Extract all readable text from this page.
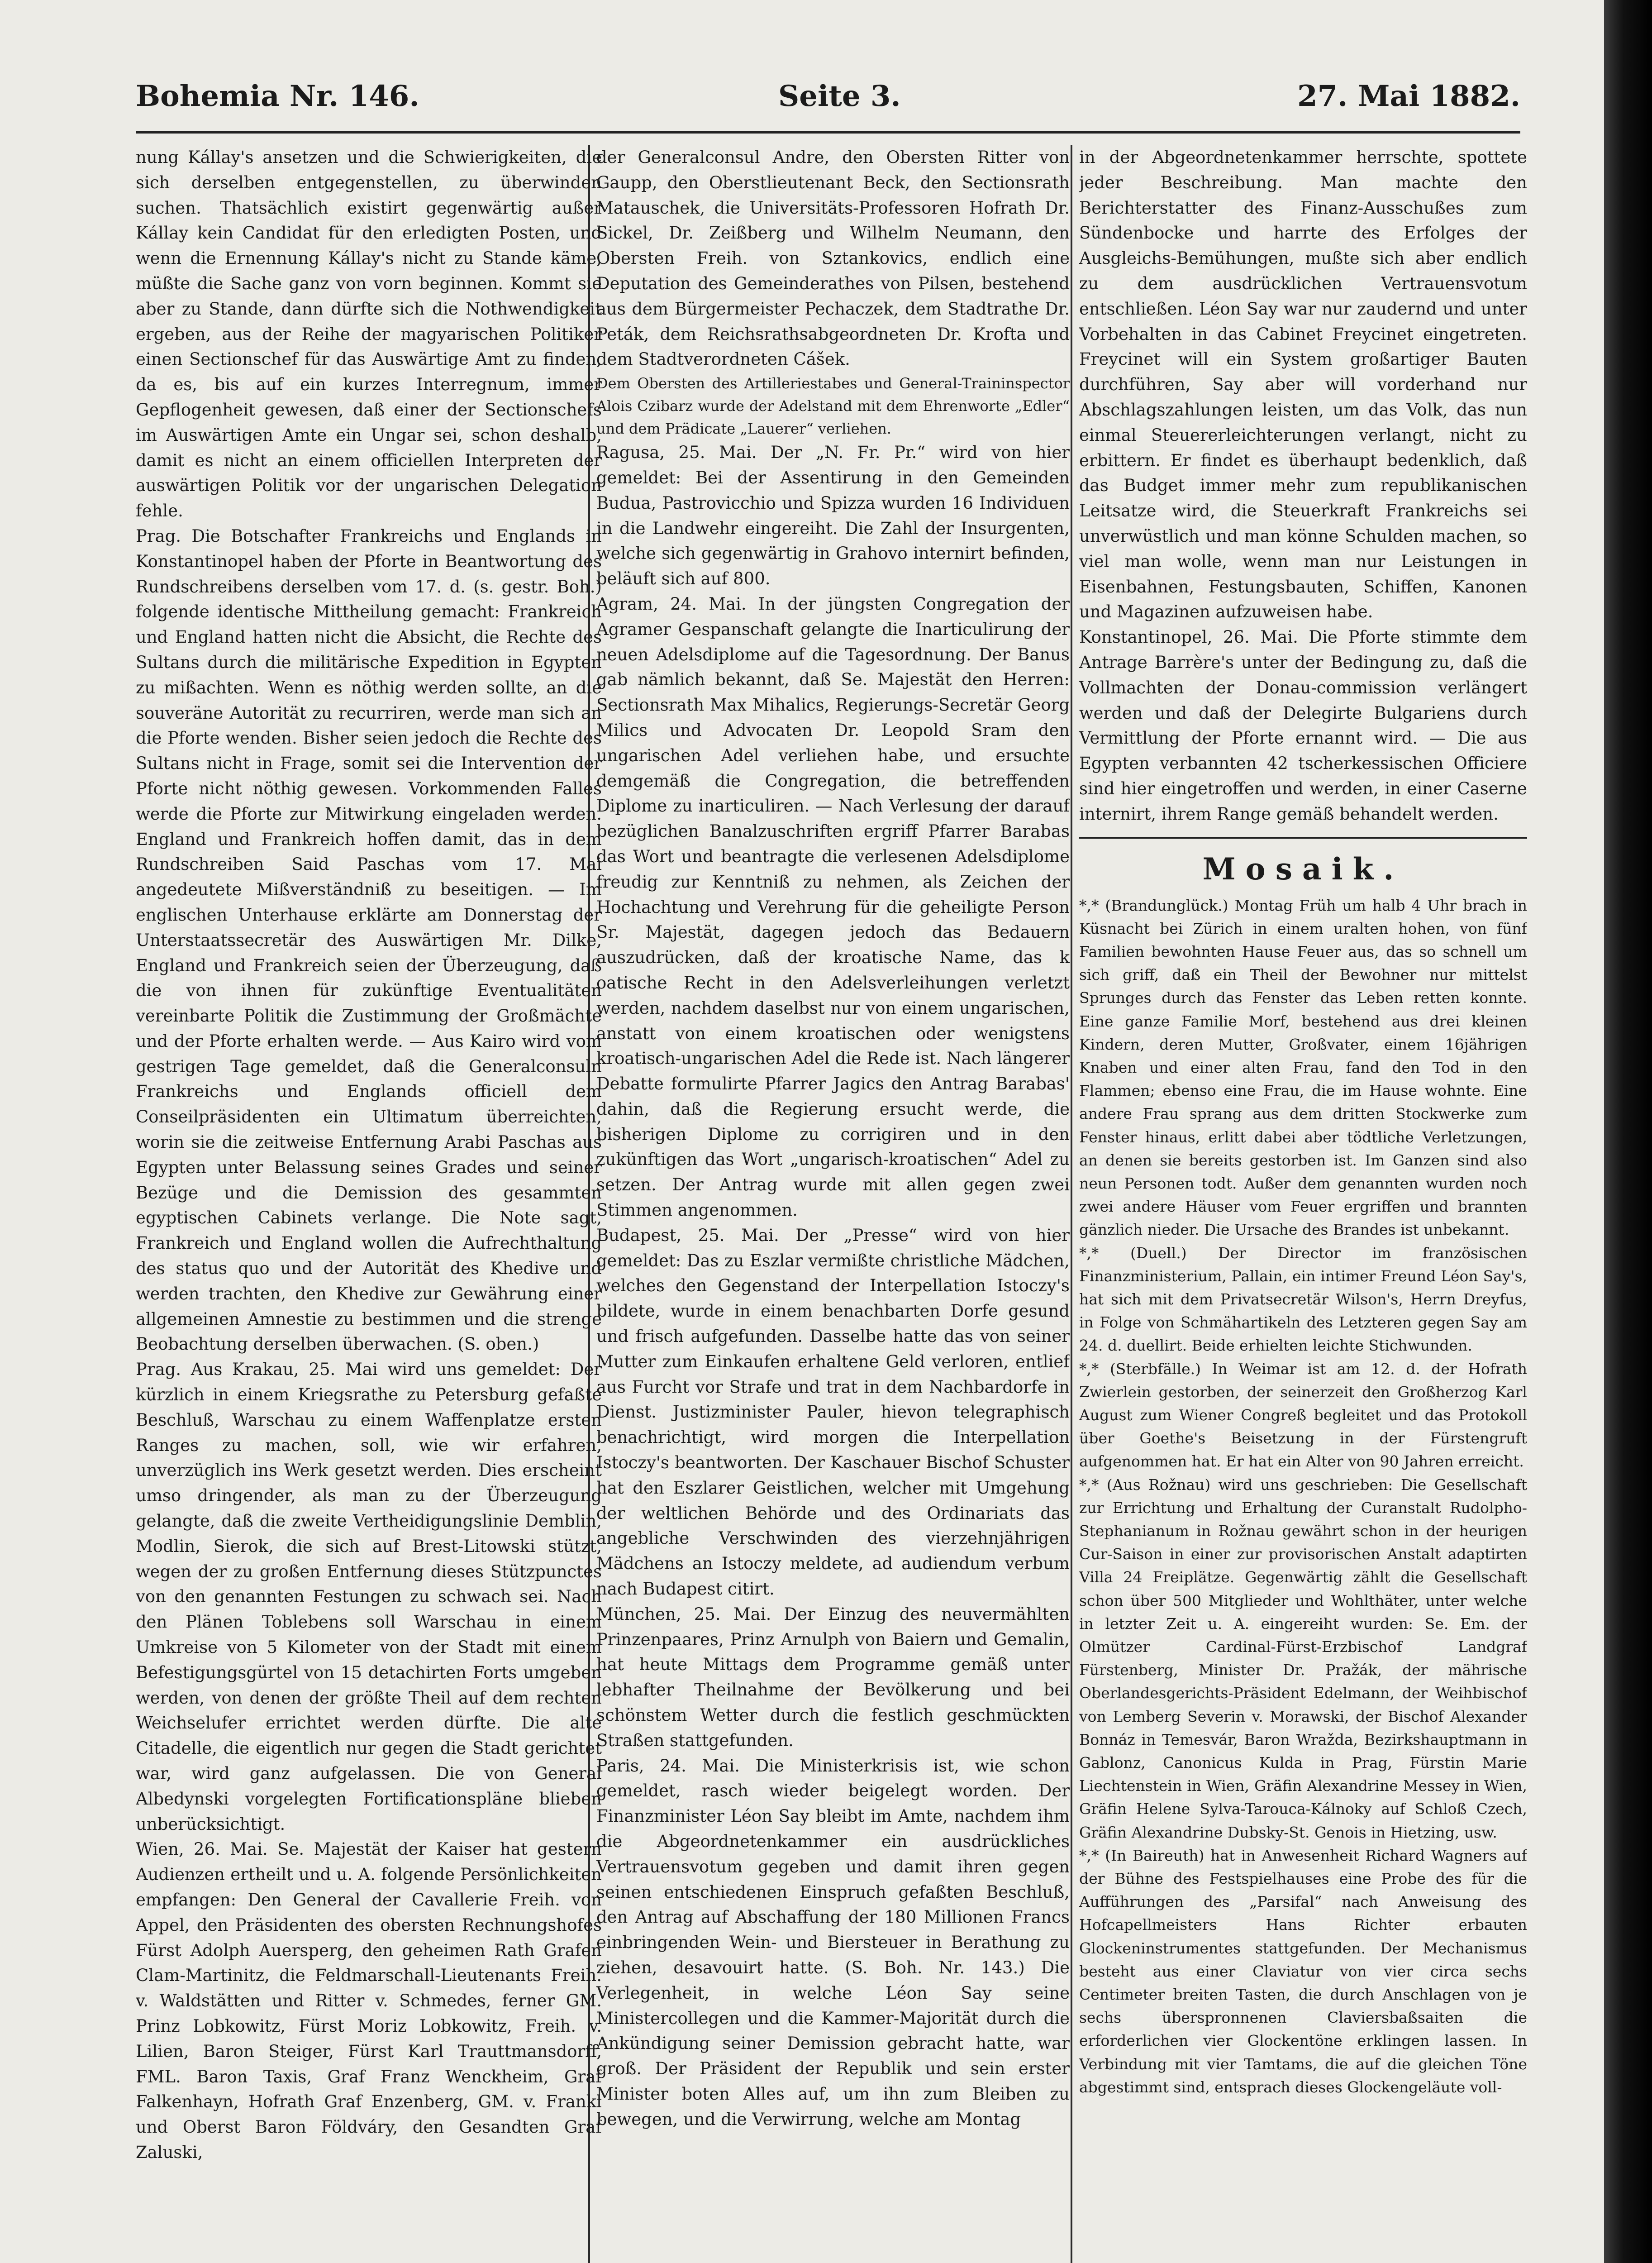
Bohemia Nr. 146.	Seite 3.	27. Mai 1882.

nung Kállay's ansetzen und die Schwierigkeiten, die sich derselben entgegenstellen, zu überwinden suchen. Thatsächlich existirt gegenwärtig außer Kállay kein Candidat für den erledigten Posten, und wenn die Ernennung Kállay's nicht zu Stande käme, müßte die Sache ganz von vorn beginnen. Kommt sie aber zu Stande, dann dürfte sich die Nothwendigkeit ergeben, aus der Reihe der magyarischen Politiker einen Sectionschef für das Auswärtige Amt zu finden, da es, bis auf ein kurzes Interregnum, immer Gepflogenheit gewesen, daß einer der Sectionschefs im Auswärtigen Amte ein Ungar sei, schon deshalb, damit es nicht an einem officiellen Interpreten der auswärtigen Politik vor der ungarischen Delegation fehle.

Prag. Die Botschafter Frankreichs und Englands in Konstantinopel haben der Pforte in Beantwortung des Rundschreibens derselben vom 17. d. (s. gestr. Boh.) folgende identische Mittheilung gemacht: Frankreich und England hatten nicht die Absicht, die Rechte des Sultans durch die militärische Expedition in Egypten zu mißachten. Wenn es nöthig werden sollte, an die souveräne Autorität zu recurriren, werde man sich an die Pforte wenden. Bisher seien jedoch die Rechte des Sultans nicht in Frage, somit sei die Intervention der Pforte nicht nöthig gewesen. Vorkommenden Falles werde die Pforte zur Mitwirkung eingeladen werden. England und Frankreich hoffen damit, das in dem Rundschreiben Said Paschas vom 17. Mai angedeutete Mißverständniß zu beseitigen. — Im englischen Unterhause erklärte am Donnerstag der Unterstaatssecretär des Auswärtigen Mr. Dilke, England und Frankreich seien der Überzeugung, daß die von ihnen für zukünftige Eventualitäten vereinbarte Politik die Zustimmung der Großmächte und der Pforte erhalten werde. — Aus Kairo wird vom gestrigen Tage gemeldet, daß die Generalconsuln Frankreichs und Englands officiell dem Conseilpräsidenten ein Ultimatum überreichten, worin sie die zeitweise Entfernung Arabi Paschas aus Egypten unter Belassung seines Grades und seiner Bezüge und die Demission des gesammten egyptischen Cabinets verlange. Die Note sagt, Frankreich und England wollen die Aufrechthaltung des status quo und der Autorität des Khedive und werden trachten, den Khedive zur Gewährung einer allgemeinen Amnestie zu bestimmen und die strenge Beobachtung derselben überwachen. (S. oben.)

Prag. Aus Krakau, 25. Mai wird uns gemeldet: Der kürzlich in einem Kriegsrathe zu Petersburg gefaßte Beschluß, Warschau zu einem Waffenplatze ersten Ranges zu machen, soll, wie wir erfahren, unverzüglich ins Werk gesetzt werden. Dies erscheint umso dringender, als man zu der Überzeugung gelangte, daß die zweite Vertheidigungslinie Demblin, Modlin, Sierok, die sich auf Brest-Litowski stützt, wegen der zu großen Entfernung dieses Stützpunctes von den genannten Festungen zu schwach sei. Nach den Plänen Toblebens soll Warschau in einem Umkreise von 5 Kilometer von der Stadt mit einem Befestigungsgürtel von 15 detachirten Forts umgeben werden, von denen der größte Theil auf dem rechten Weichselufer errichtet werden dürfte. Die alte Citadelle, die eigentlich nur gegen die Stadt gerichtet war, wird ganz aufgelassen. Die von General Albedynski vorgelegten Fortificationspläne blieben unberücksichtigt.

Wien, 26. Mai. Se. Majestät der Kaiser hat gestern Audienzen ertheilt und u. A. folgende Persönlichkeiten empfangen: Den General der Cavallerie Freih. von Appel, den Präsidenten des obersten Rechnungshofes Fürst Adolph Auersperg, den geheimen Rath Grafen Clam-Martinitz, die Feldmarschall-Lieutenants Freih. v. Waldstätten und Ritter v. Schmedes, ferner GM. Prinz Lobkowitz, Fürst Moriz Lobkowitz, Freih. v. Lilien, Baron Steiger, Fürst Karl Trauttmansdorff, FML. Baron Taxis, Graf Franz Wenckheim, Graf Falkenhayn, Hofrath Graf Enzenberg, GM. v. Frankl und Oberst Baron Földváry, den Gesandten Graf Zaluski,

der Generalconsul Andre, den Obersten Ritter von Gaupp, den Oberstlieutenant Beck, den Sectionsrath Matauschek, die Universitäts-Professoren Hofrath Dr. Sickel, Dr. Zeißberg und Wilhelm Neumann, den Obersten Freih. von Sztankovics, endlich eine Deputation des Gemeinderathes von Pilsen, bestehend aus dem Bürgermeister Pechaczek, dem Stadtrathe Dr. Peták, dem Reichsrathsabgeordneten Dr. Krofta und dem Stadtverordneten Cášek.

Dem Obersten des Artilleriestabes und General-Traininspector Alois Czibarz wurde der Adelstand mit dem Ehrenworte „Edler“ und dem Prädicate „Lauerer“ verliehen.

Ragusa, 25. Mai. Der „N. Fr. Pr.“ wird von hier gemeldet: Bei der Assentirung in den Gemeinden Budua, Pastrovicchio und Spizza wurden 16 Individuen in die Landwehr eingereiht. Die Zahl der Insurgenten, welche sich gegenwärtig in Grahovo internirt befinden, beläuft sich auf 800.

Agram, 24. Mai. In der jüngsten Congregation der Agramer Gespanschaft gelangte die Inarticulirung der neuen Adelsdiplome auf die Tagesordnung. Der Banus gab nämlich bekannt, daß Se. Majestät den Herren: Sectionsrath Max Mihalics, Regierungs-Secretär Georg Milics und Advocaten Dr. Leopold Sram den ungarischen Adel verliehen habe, und ersuchte demgemäß die Congregation, die betreffenden Diplome zu inarticuliren. — Nach Verlesung der darauf bezüglichen Banalzuschriften ergriff Pfarrer Barabas das Wort und beantragte die verlesenen Adelsdiplome freudig zur Kenntniß zu nehmen, als Zeichen der Hochachtung und Verehrung für die geheiligte Person Sr. Majestät, dagegen jedoch das Bedauern auszudrücken, daß der kroatische Name, das k oatische Recht in den Adelsverleihungen verletzt werden, nachdem daselbst nur von einem ungarischen, anstatt von einem kroatischen oder wenigstens kroatisch-ungarischen Adel die Rede ist. Nach längerer Debatte formulirte Pfarrer Jagics den Antrag Barabas' dahin, daß die Regierung ersucht werde, die bisherigen Diplome zu corrigiren und in den zukünftigen das Wort „ungarisch-kroatischen“ Adel zu setzen. Der Antrag wurde mit allen gegen zwei Stimmen angenommen.

Budapest, 25. Mai. Der „Presse“ wird von hier gemeldet: Das zu Eszlar vermißte christliche Mädchen, welches den Gegenstand der Interpellation Istoczy's bildete, wurde in einem benachbarten Dorfe gesund und frisch aufgefunden. Dasselbe hatte das von seiner Mutter zum Einkaufen erhaltene Geld verloren, entlief aus Furcht vor Strafe und trat in dem Nachbardorfe in Dienst. Justizminister Pauler, hievon telegraphisch benachrichtigt, wird morgen die Interpellation Istoczy's beantworten. Der Kaschauer Bischof Schuster hat den Eszlarer Geistlichen, welcher mit Umgehung der weltlichen Behörde und des Ordinariats das angebliche Verschwinden des vierzehnjährigen Mädchens an Istoczy meldete, ad audiendum verbum nach Budapest citirt.

München, 25. Mai. Der Einzug des neuvermählten Prinzenpaares, Prinz Arnulph von Baiern und Gemalin, hat heute Mittags dem Programme gemäß unter lebhafter Theilnahme der Bevölkerung und bei schönstem Wetter durch die festlich geschmückten Straßen stattgefunden.

Paris, 24. Mai. Die Ministerkrisis ist, wie schon gemeldet, rasch wieder beigelegt worden. Der Finanzminister Léon Say bleibt im Amte, nachdem ihm die Abgeordnetenkammer ein ausdrückliches Vertrauensvotum gegeben und damit ihren gegen seinen entschiedenen Einspruch gefaßten Beschluß, den Antrag auf Abschaffung der 180 Millionen Francs einbringenden Wein- und Biersteuer in Berathung zu ziehen, desavouirt hatte. (S. Boh. Nr. 143.) Die Verlegenheit, in welche Léon Say seine Ministercollegen und die Kammer-Majorität durch die Ankündigung seiner Demission gebracht hatte, war groß. Der Präsident der Republik und sein erster Minister boten Alles auf, um ihn zum Bleiben zu bewegen, und die Verwirrung, welche am Montag

in der Abgeordnetenkammer herrschte, spottete jeder Beschreibung. Man machte den Berichterstatter des Finanz-Ausschußes zum Sündenbocke und harrte des Erfolges der Ausgleichs-Bemühungen, mußte sich aber endlich zu dem ausdrücklichen Vertrauensvotum entschließen. Léon Say war nur zaudernd und unter Vorbehalten in das Cabinet Freycinet eingetreten. Freycinet will ein System großartiger Bauten durchführen, Say aber will vorderhand nur Abschlagszahlungen leisten, um das Volk, das nun einmal Steuererleichterungen verlangt, nicht zu erbittern. Er findet es überhaupt bedenklich, daß das Budget immer mehr zum republikanischen Leitsatze wird, die Steuerkraft Frankreichs sei unverwüstlich und man könne Schulden machen, so viel man wolle, wenn man nur Leistungen in Eisenbahnen, Festungsbauten, Schiffen, Kanonen und Magazinen aufzuweisen habe.

Konstantinopel, 26. Mai. Die Pforte stimmte dem Antrage Barrère's unter der Bedingung zu, daß die Vollmachten der Donau-commission verlängert werden und daß der Delegirte Bulgariens durch Vermittlung der Pforte ernannt wird. — Die aus Egypten verbannten 42 tscherkessischen Officiere sind hier eingetroffen und werden, in einer Caserne internirt, ihrem Range gemäß behandelt werden.

Mosaik.

*,* (Brandunglück.) Montag Früh um halb 4 Uhr brach in Küsnacht bei Zürich in einem uralten hohen, von fünf Familien bewohnten Hause Feuer aus, das so schnell um sich griff, daß ein Theil der Bewohner nur mittelst Sprunges durch das Fenster das Leben retten konnte. Eine ganze Familie Morf, bestehend aus drei kleinen Kindern, deren Mutter, Großvater, einem 16jährigen Knaben und einer alten Frau, fand den Tod in den Flammen; ebenso eine Frau, die im Hause wohnte. Eine andere Frau sprang aus dem dritten Stockwerke zum Fenster hinaus, erlitt dabei aber tödtliche Verletzungen, an denen sie bereits gestorben ist. Im Ganzen sind also neun Personen todt. Außer dem genannten wurden noch zwei andere Häuser vom Feuer ergriffen und brannten gänzlich nieder. Die Ursache des Brandes ist unbekannt.

*,* (Duell.) Der Director im französischen Finanzministerium, Pallain, ein intimer Freund Léon Say's, hat sich mit dem Privatsecretär Wilson's, Herrn Dreyfus, in Folge von Schmähartikeln des Letzteren gegen Say am 24. d. duellirt. Beide erhielten leichte Stichwunden.

*,* (Sterbfälle.) In Weimar ist am 12. d. der Hofrath Zwierlein gestorben, der seinerzeit den Großherzog Karl August zum Wiener Congreß begleitet und das Protokoll über Goethe's Beisetzung in der Fürstengruft aufgenommen hat. Er hat ein Alter von 90 Jahren erreicht.

*,* (Aus Rožnau) wird uns geschrieben: Die Gesellschaft zur Errichtung und Erhaltung der Curanstalt Rudolpho-Stephanianum in Rožnau gewährt schon in der heurigen Cur-Saison in einer zur provisorischen Anstalt adaptirten Villa 24 Freiplätze. Gegenwärtig zählt die Gesellschaft schon über 500 Mitglieder und Wohlthäter, unter welche in letzter Zeit u. A. eingereiht wurden: Se. Em. der Olmützer Cardinal-Fürst-Erzbischof Landgraf Fürstenberg, Minister Dr. Pražák, der mährische Oberlandesgerichts-Präsident Edelmann, der Weihbischof von Lemberg Severin v. Morawski, der Bischof Alexander Bonnáz in Temesvár, Baron Wražda, Bezirkshauptmann in Gablonz, Canonicus Kulda in Prag, Fürstin Marie Liechtenstein in Wien, Gräfin Alexandrine Messey in Wien, Gräfin Helene Sylva-Tarouca-Kálnoky auf Schloß Czech, Gräfin Alexandrine Dubsky-St. Genois in Hietzing, usw.

*,* (In Baireuth) hat in Anwesenheit Richard Wagners auf der Bühne des Festspielhauses eine Probe des für die Aufführungen des „Parsifal“ nach Anweisung des Hofcapellmeisters Hans Richter erbauten Glockeninstrumentes stattgefunden. Der Mechanismus besteht aus einer Claviatur von vier circa sechs Centimeter breiten Tasten, die durch Anschlagen von je sechs überspronnenen Claviersbaßsaiten die erforderlichen vier Glockentöne erklingen lassen. In Verbindung mit vier Tamtams, die auf die gleichen Töne abgestimmt sind, entsprach dieses Glockengeläute voll-
